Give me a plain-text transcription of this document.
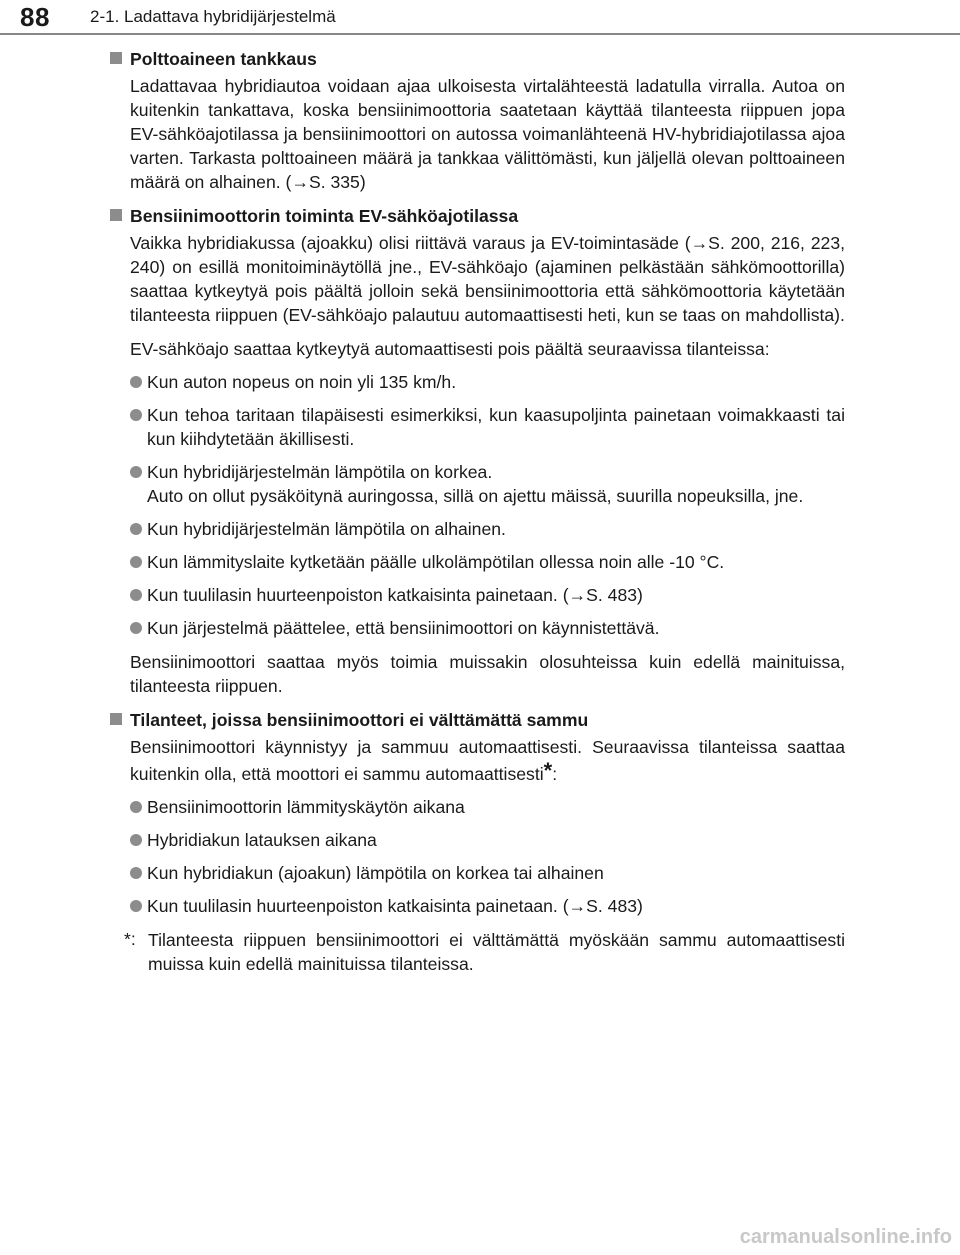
88 2-1. Ladattava hybridijärjestelmä
Polttoaineen tankkaus
Ladattavaa hybridiautoa voidaan ajaa ulkoisesta virtalähteestä ladatulla virralla. Autoa on kuitenkin tankattava, koska bensiinimoottoria saatetaan käyttää tilanteesta riippuen jopa EV-sähköajotilassa ja bensiinimoottori on autossa voimanlähteenä HV-hybridiajotilassa ajoa varten. Tarkasta polttoaineen määrä ja tankkaa välittömästi, kun jäljellä olevan polttoaineen määrä on alhainen. (→S. 335)
Bensiinimoottorin toiminta EV-sähköajotilassa
Vaikka hybridiakussa (ajoakku) olisi riittävä varaus ja EV-toimintasäde (→S. 200, 216, 223, 240) on esillä monitoiminäytöllä jne., EV-sähköajo (ajaminen pelkästään sähkömoottorilla) saattaa kytkeytyä pois päältä jolloin sekä bensiinimoottoria että sähkömoottoria käytetään tilanteesta riippuen (EV-sähköajo palautuu automaattisesti heti, kun se taas on mahdollista).
EV-sähköajo saattaa kytkeytyä automaattisesti pois päältä seuraavissa tilanteissa:
Kun auton nopeus on noin yli 135 km/h.
Kun tehoa taritaan tilapäisesti esimerkiksi, kun kaasupoljinta painetaan voimakkaasti tai kun kiihdytetään äkillisesti.
Kun hybridijärjestelmän lämpötila on korkea.
Auto on ollut pysäköitynä auringossa, sillä on ajettu mäissä, suurilla nopeuksilla, jne.
Kun hybridijärjestelmän lämpötila on alhainen.
Kun lämmityslaite kytketään päälle ulkolämpötilan ollessa noin alle -10 °C.
Kun tuulilasin huurteenpoiston katkaisinta painetaan. (→S. 483)
Kun järjestelmä päättelee, että bensiinimoottori on käynnistettävä.
Bensiinimoottori saattaa myös toimia muissakin olosuhteissa kuin edellä mainituissa, tilanteesta riippuen.
Tilanteet, joissa bensiinimoottori ei välttämättä sammu
Bensiinimoottori käynnistyy ja sammuu automaattisesti. Seuraavissa tilanteissa saattaa kuitenkin olla, että moottori ei sammu automaattisesti*:
Bensiinimoottorin lämmityskäytön aikana
Hybridiakun latauksen aikana
Kun hybridiakun (ajoakun) lämpötila on korkea tai alhainen
Kun tuulilasin huurteenpoiston katkaisinta painetaan. (→S. 483)
*: Tilanteesta riippuen bensiinimoottori ei välttämättä myöskään sammu automaattisesti muissa kuin edellä mainituissa tilanteissa.
carmanualsonline.info
